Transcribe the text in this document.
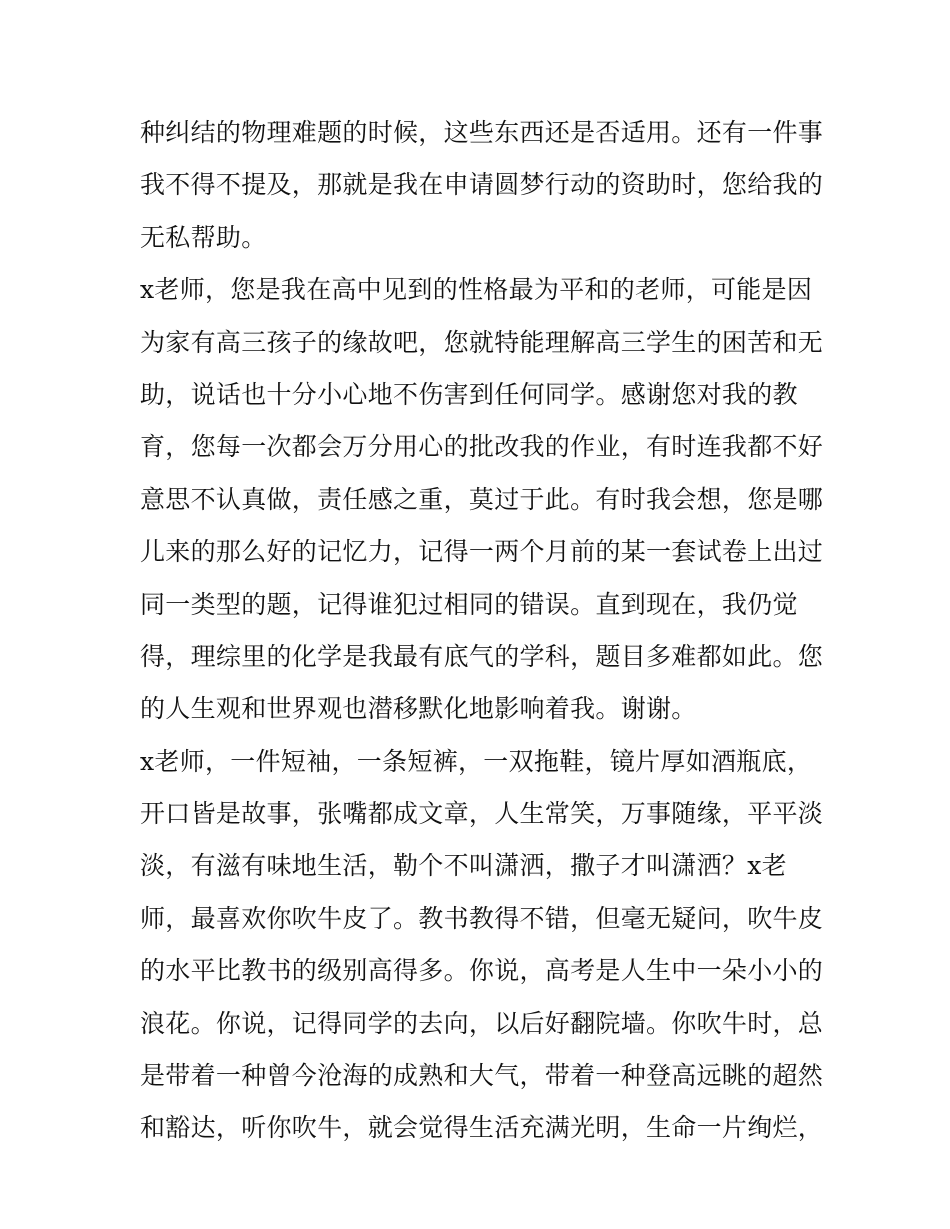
种纠结的物理难题的时候，这些东西还是否适用。还有一件事
我不得不提及，那就是我在申请圆梦行动的资助时，您给我的
无私帮助。
x老师，您是我在高中见到的性格最为平和的老师，可能是因
为家有高三孩子的缘故吧，您就特能理解高三学生的困苦和无
助，说话也十分小心地不伤害到任何同学。感谢您对我的教
育，您每一次都会万分用心的批改我的作业，有时连我都不好
意思不认真做，责任感之重，莫过于此。有时我会想，您是哪
儿来的那么好的记忆力，记得一两个月前的某一套试卷上出过
同一类型的题，记得谁犯过相同的错误。直到现在，我仍觉
得，理综里的化学是我最有底气的学科，题目多难都如此。您
的人生观和世界观也潜移默化地影响着我。谢谢。
x老师，一件短袖，一条短裤，一双拖鞋，镜片厚如酒瓶底，
开口皆是故事，张嘴都成文章，人生常笑，万事随缘，平平淡
淡，有滋有味地生活，勒个不叫潇洒，撒子才叫潇洒？x老
师，最喜欢你吹牛皮了。教书教得不错，但毫无疑问，吹牛皮
的水平比教书的级别高得多。你说，高考是人生中一朵小小的
浪花。你说，记得同学的去向，以后好翻院墙。你吹牛时，总
是带着一种曾今沧海的成熟和大气，带着一种登高远眺的超然
和豁达，听你吹牛，就会觉得生活充满光明，生命一片绚烂，
